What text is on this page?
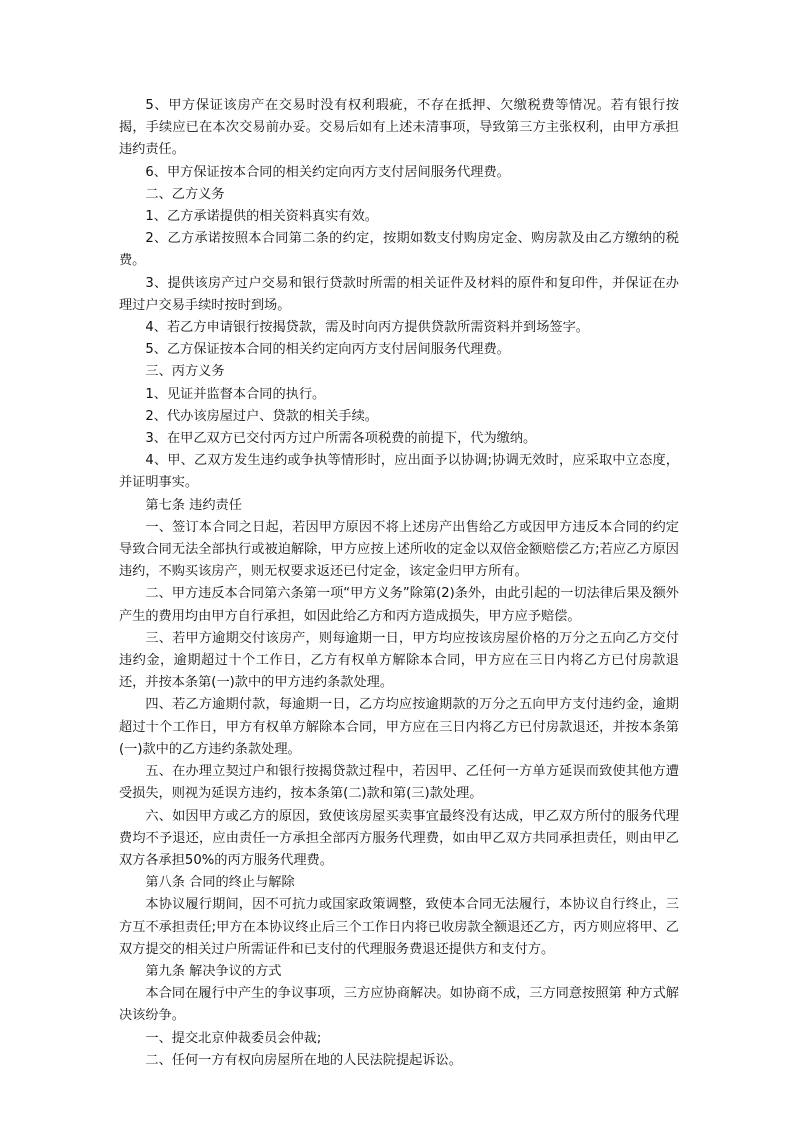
5、甲方保证该房产在交易时没有权利瑕疵，不存在抵押、欠缴税费等情况。若有银行按揭，手续应已在本次交易前办妥。交易后如有上述未清事项，导致第三方主张权利，由甲方承担违约责任。

6、甲方保证按本合同的相关约定向丙方支付居间服务代理费。

二、乙方义务

1、乙方承诺提供的相关资料真实有效。

2、乙方承诺按照本合同第二条的约定，按期如数支付购房定金、购房款及由乙方缴纳的税费。

3、提供该房产过户交易和银行贷款时所需的相关证件及材料的原件和复印件，并保证在办理过户交易手续时按时到场。

4、若乙方申请银行按揭贷款，需及时向丙方提供贷款所需资料并到场签字。

5、乙方保证按本合同的相关约定向丙方支付居间服务代理费。

三、丙方义务

1、见证并监督本合同的执行。

2、代办该房屋过户、贷款的相关手续。

3、在甲乙双方已交付丙方过户所需各项税费的前提下，代为缴纳。

4、甲、乙双方发生违约或争执等情形时，应出面予以协调;协调无效时，应采取中立态度，并证明事实。

第七条 违约责任

一、签订本合同之日起，若因甲方原因不将上述房产出售给乙方或因甲方违反本合同的约定导致合同无法全部执行或被迫解除，甲方应按上述所收的定金以双倍金额赔偿乙方;若应乙方原因违约，不购买该房产，则无权要求返还已付定金，该定金归甲方所有。

二、甲方违反本合同第六条第一项“甲方义务”除第(2)条外，由此引起的一切法律后果及额外产生的费用均由甲方自行承担，如因此给乙方和丙方造成损失，甲方应予赔偿。

三、若甲方逾期交付该房产，则每逾期一日，甲方均应按该房屋价格的万分之五向乙方交付违约金，逾期超过十个工作日，乙方有权单方解除本合同，甲方应在三日内将乙方已付房款退还，并按本条第(一)款中的甲方违约条款处理。

四、若乙方逾期付款，每逾期一日，乙方均应按逾期款的万分之五向甲方支付违约金，逾期超过十个工作日，甲方有权单方解除本合同，甲方应在三日内将乙方已付房款退还，并按本条第(一)款中的乙方违约条款处理。

五、在办理立契过户和银行按揭贷款过程中，若因甲、乙任何一方单方延误而致使其他方遭受损失，则视为延误方违约，按本条第(二)款和第(三)款处理。

六、如因甲方或乙方的原因，致使该房屋买卖事宜最终没有达成，甲乙双方所付的服务代理费均不予退还，应由责任一方承担全部丙方服务代理费，如由甲乙双方共同承担责任，则由甲乙双方各承担50%的丙方服务代理费。

第八条 合同的终止与解除

本协议履行期间，因不可抗力或国家政策调整，致使本合同无法履行，本协议自行终止，三方互不承担责任;甲方在本协议终止后三个工作日内将已收房款全额退还乙方，丙方则应将甲、乙双方提交的相关过户所需证件和已支付的代理服务费退还提供方和支付方。

第九条 解决争议的方式

本合同在履行中产生的争议事项，三方应协商解决。如协商不成，三方同意按照第 种方式解决该纷争。

一、提交北京仲裁委员会仲裁;

二、任何一方有权向房屋所在地的人民法院提起诉讼。
